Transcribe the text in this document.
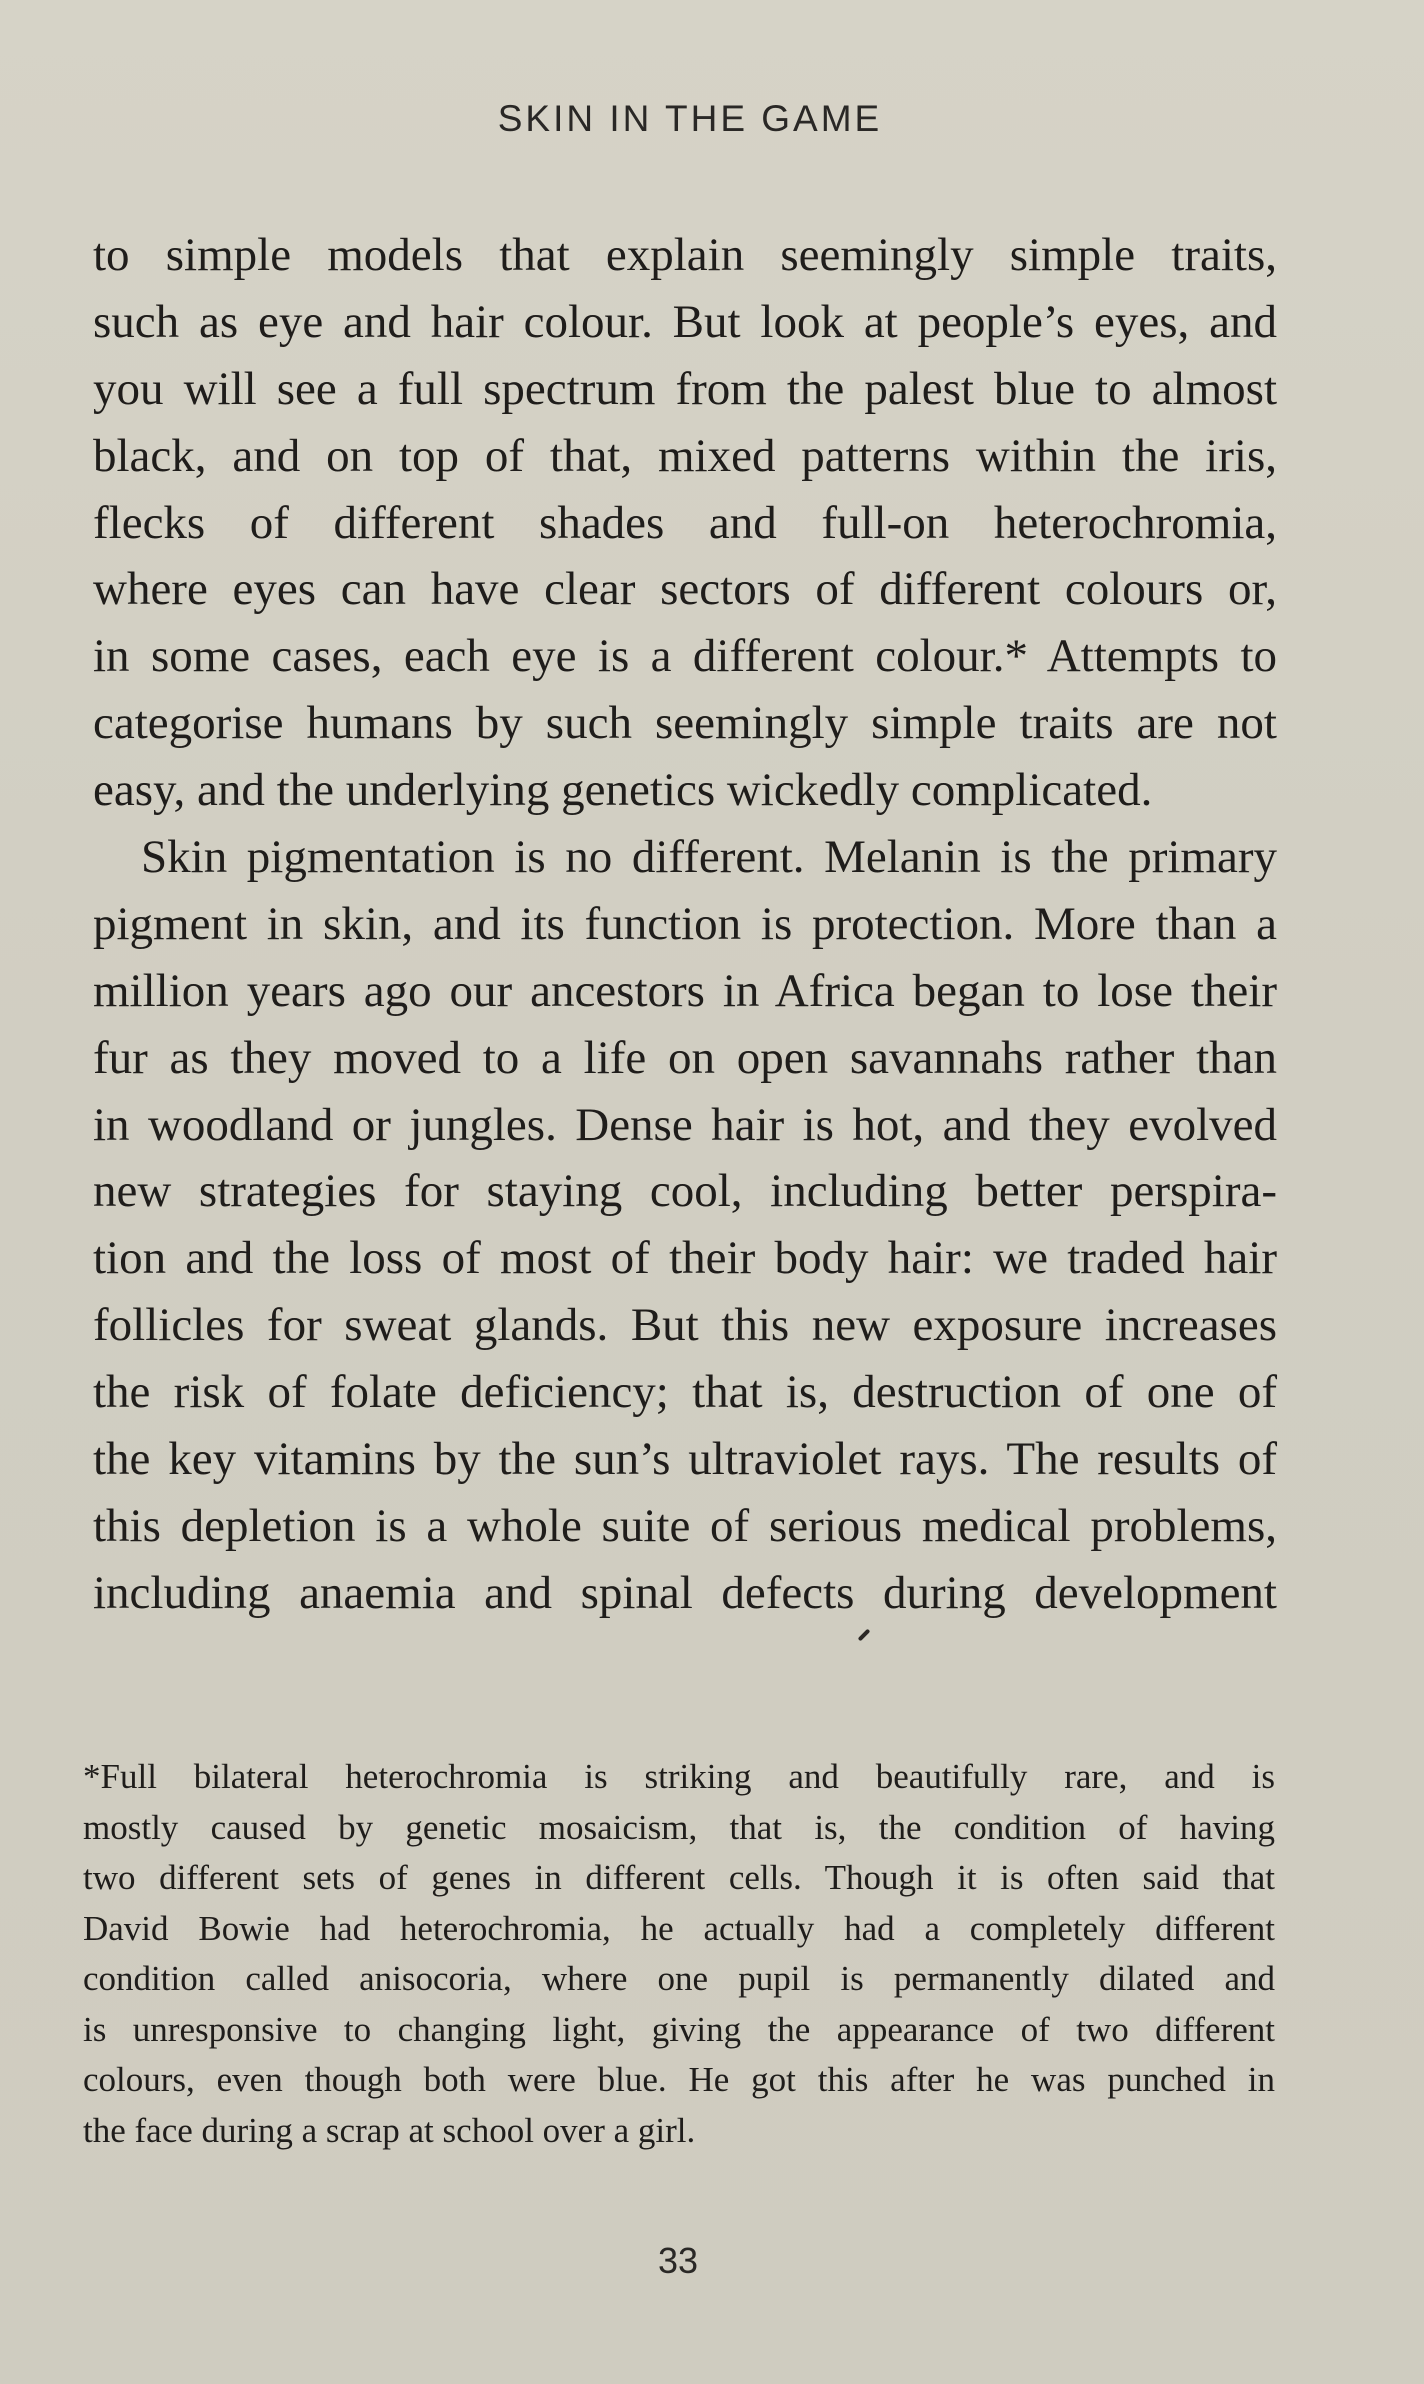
SKIN IN THE GAME
to simple models that explain seemingly simple traits,
such as eye and hair colour. But look at people’s eyes, and
you will see a full spectrum from the palest blue to almost
black, and on top of that, mixed patterns within the iris,
flecks of different shades and full-on heterochromia,
where eyes can have clear sectors of different colours or,
in some cases, each eye is a different colour.* Attempts to
categorise humans by such seemingly simple traits are not
easy, and the underlying genetics wickedly complicated.
Skin pigmentation is no different. Melanin is the primary
pigment in skin, and its function is protection. More than a
million years ago our ancestors in Africa began to lose their
fur as they moved to a life on open savannahs rather than
in woodland or jungles. Dense hair is hot, and they evolved
new strategies for staying cool, including better perspira-
tion and the loss of most of their body hair: we traded hair
follicles for sweat glands. But this new exposure increases
the risk of folate deficiency; that is, destruction of one of
the key vitamins by the sun’s ultraviolet rays. The results of
this depletion is a whole suite of serious medical problems,
including anaemia and spinal defects during development
*Full bilateral heterochromia is striking and beautifully rare, and is
mostly caused by genetic mosaicism, that is, the condition of having
two different sets of genes in different cells. Though it is often said that
David Bowie had heterochromia, he actually had a completely different
condition called anisocoria, where one pupil is permanently dilated and
is unresponsive to changing light, giving the appearance of two different
colours, even though both were blue. He got this after he was punched in
the face during a scrap at school over a girl.
33
